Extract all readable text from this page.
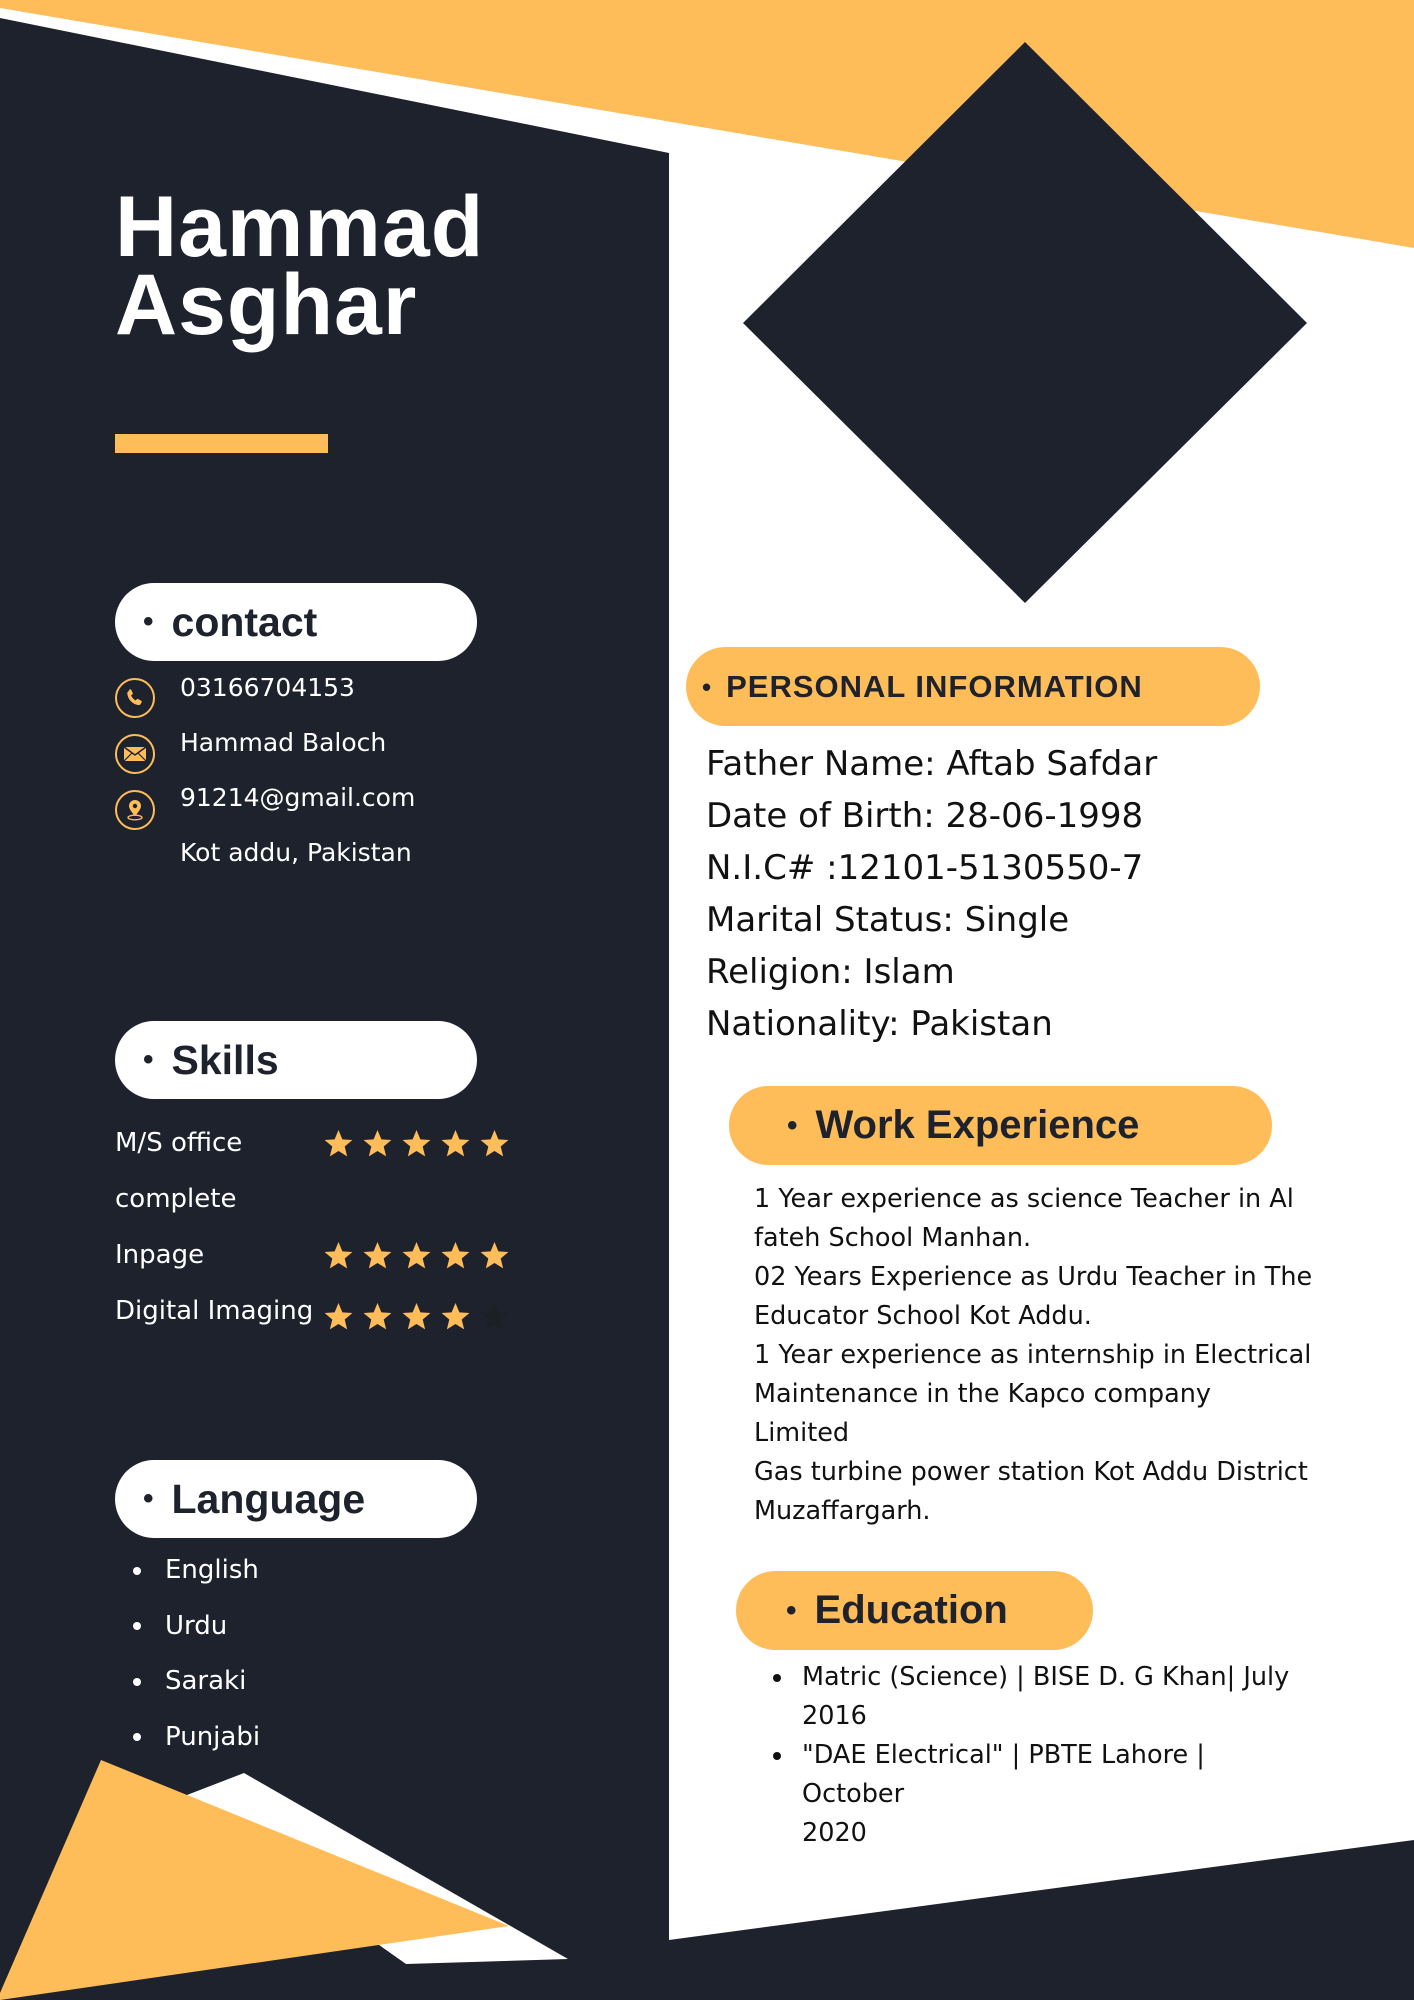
Hammad
Asghar
• contact
03166704153
Hammad Baloch
91214@gmail.com
Kot addu, Pakistan
• Skills
M/S office
complete
Inpage
Digital Imaging
• Language
English
Urdu
Saraki
Punjabi
• PERSONAL INFORMATION
Father Name: Aftab Safdar
Date of Birth: 28-06-1998
N.I.C# :12101-5130550-7
Marital Status: Single
Religion: Islam
Nationality: Pakistan
• Work Experience
1 Year experience as science Teacher in Al
fateh School Manhan.
02 Years Experience as Urdu Teacher in The
Educator School Kot Addu.
1 Year experience as internship in Electrical
Maintenance in the Kapco company Limited
Gas turbine power station Kot Addu District
Muzaffargarh.
• Education
Matric (Science) | BISE D. G Khan| July
2016
"DAE Electrical" | PBTE Lahore | October
2020
